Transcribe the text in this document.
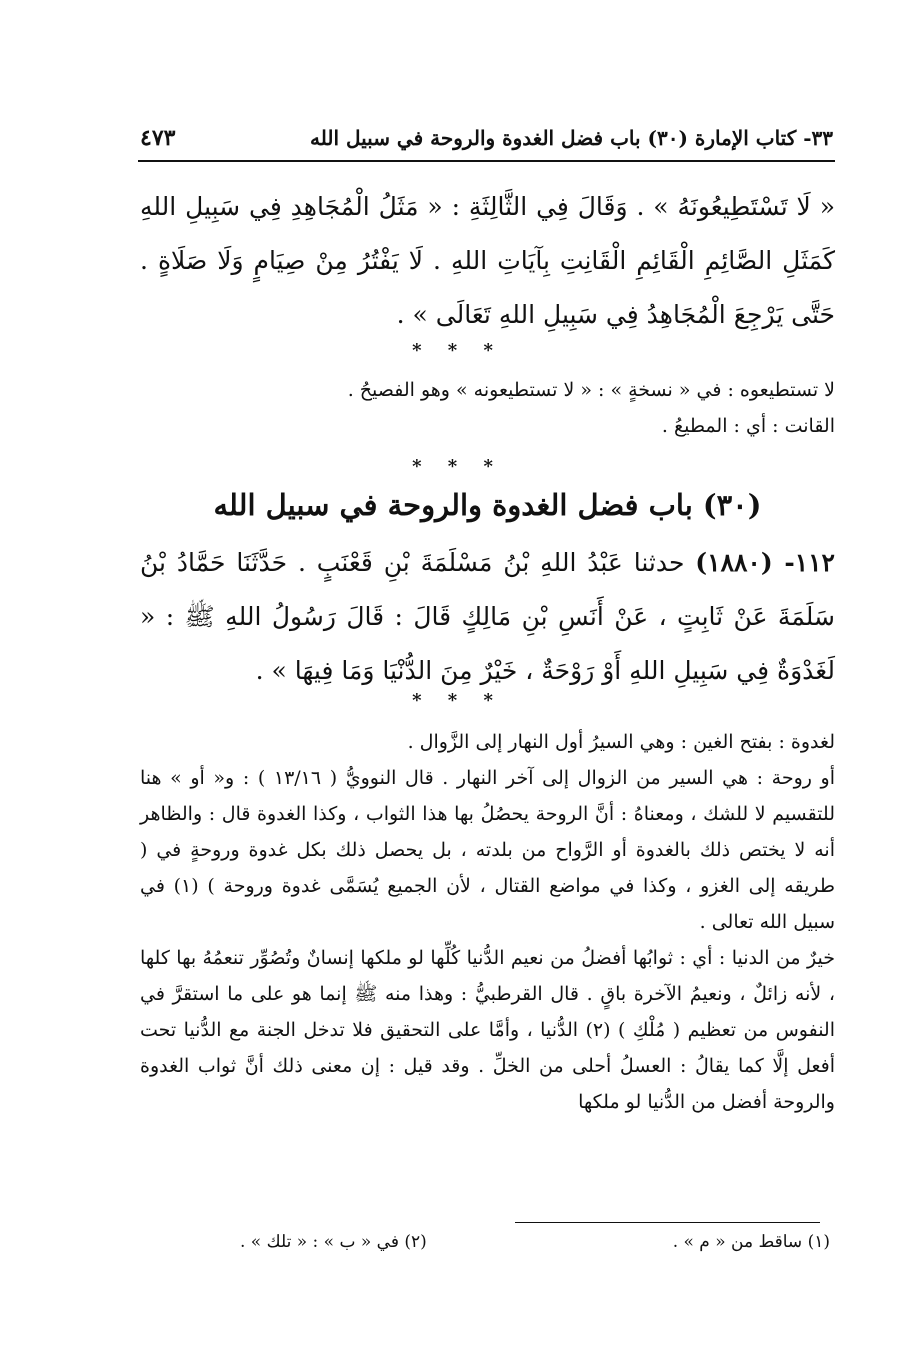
٣٣- كتاب الإمارة (٣٠) باب فضل الغدوة والروحة في سبيل الله
٤٧٣
« لَا تَسْتَطِيعُونَهُ » . وَقَالَ فِي الثَّالِثَةِ : « مَثَلُ الْمُجَاهِدِ فِي سَبِيلِ اللهِ كَمَثَلِ الصَّائِمِ الْقَائِمِ الْقَانِتِ بِآيَاتِ اللهِ . لَا يَفْتُرُ مِنْ صِيَامٍ وَلَا صَلَاةٍ . حَتَّى يَرْجِعَ الْمُجَاهِدُ فِي سَبِيلِ اللهِ تَعَالَى » .
* * *

لا تستطيعوه : في « نسخةٍ » : « لا تستطيعونه » وهو الفصيحُ .

القانت : أي : المطيعُ .

* * *
(٣٠) باب فضل الغدوة والروحة في سبيل الله
١١٢- (١٨٨٠) حدثنا عَبْدُ اللهِ بْنُ مَسْلَمَةَ بْنِ قَعْنَبٍ . حَدَّثَنَا حَمَّادُ بْنُ سَلَمَةَ عَنْ ثَابِتٍ ، عَنْ أَنَسِ بْنِ مَالِكٍ قَالَ : قَالَ رَسُولُ اللهِ ﷺ : « لَغَدْوَةٌ فِي سَبِيلِ اللهِ أَوْ رَوْحَةٌ ، خَيْرٌ مِنَ الدُّنْيَا وَمَا فِيهَا » .
* * *

لغدوة : بفتح الغين : وهي السيرُ أول النهار إلى الزَّوال .

أو روحة : هي السير من الزوال إلى آخر النهار . قال النوويُّ ( ١٣/١٦ ) : و« أو » هنا للتقسيم لا للشك ، ومعناهُ : أنَّ الروحة يحصُلُ بها هذا الثواب ، وكذا الغدوة قال : والظاهر أنه لا يختص ذلك بالغدوة أو الرَّواح من بلدته ، بل يحصل ذلك بكل غدوة وروحةٍ في ( طريقه إلى الغزو ، وكذا في مواضع القتال ، لأن الجميع يُسَمَّى غدوة وروحة ) (١) في سبيل الله تعالى .

خيرٌ من الدنيا : أي : ثوابُها أفضلُ من نعيم الدُّنيا كُلِّها لو ملكها إنسانٌ وتُصُوِّر تنعمُهُ بها كلها ، لأنه زائلٌ ، ونعيمُ الآخرة باقٍ . قال القرطبيُّ : وهذا منه ﷺ إنما هو على ما استقرَّ في النفوس من تعظيم ( مُلْكِ ) (٢) الدُّنيا ، وأمَّا على التحقيق فلا تدخل الجنة مع الدُّنيا تحت أفعل إلَّا كما يقالُ : العسلُ أحلى من الخلِّ . وقد قيل : إن معنى ذلك أنَّ ثواب الغدوة والروحة أفضل من الدُّنيا لو ملكها

(١) ساقط من « م » .
(٢) في « ب » : « تلك » .
